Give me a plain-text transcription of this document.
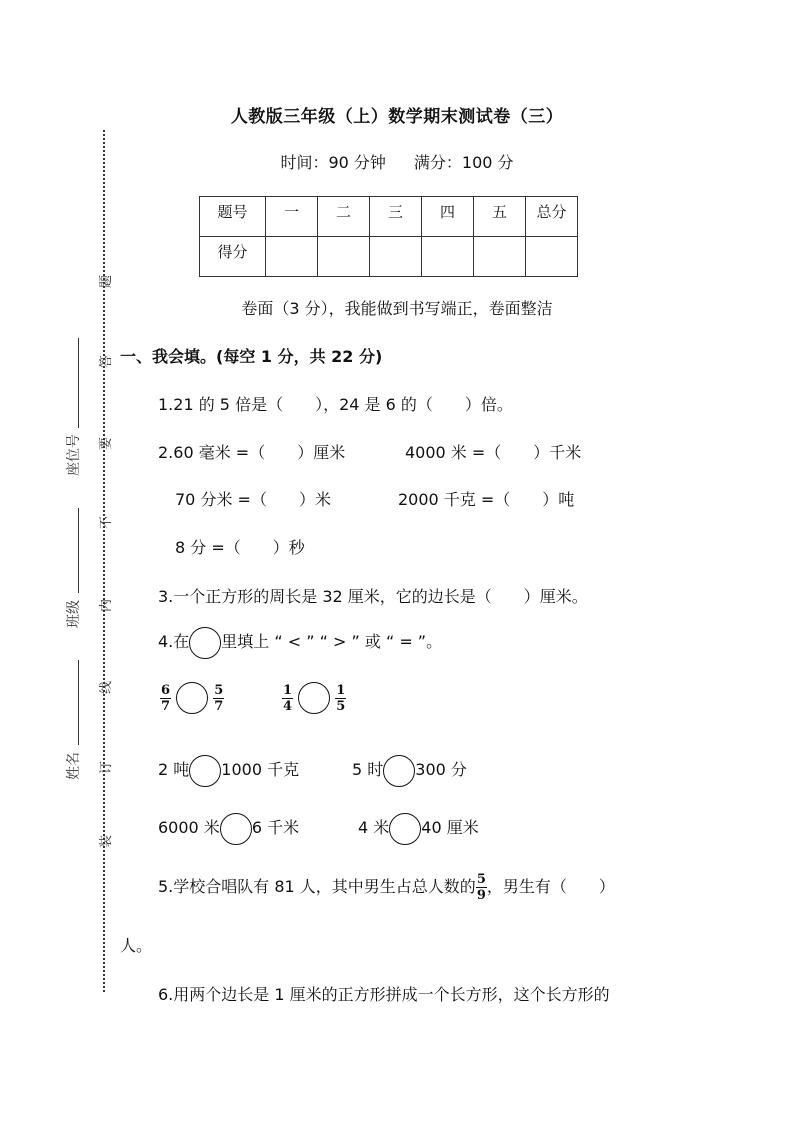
题
答
要
不
内
线
订
装
座位号
班级
姓名
人教版三年级（上）数学期末测试卷（三）
时间：90 分钟 满分：100 分
题号	一	二	三	四	五	总分
得分						
卷面（3 分），我能做到书写端正，卷面整洁
一、我会填。(每空 1 分，共 22 分)
1.21 的 5 倍是（　　），24 是 6 的（　　）倍。
2.60 毫米 =（　　）厘米	4000 米 =（　　）千米
70 分米 =（　　）米	2000 千克 =（　　）吨
8 分 =（　　）秒
3.一个正方形的周长是 32 厘米，它的边长是（　　）厘米。
4.在 里填上 “ < ” “ > ” 或 “ = ”。
$\frac{6}{7}$
	$\frac{5}{7}$	$\frac{1}{4}$
	$\frac{1}{5}$
2 吨 1000 千克	5 时 300 分
6000 米 6 千米	4 米 40 厘米
5.学校合唱队有 81 人，其中男生占总人数的 $\frac{5}{9}$ ，男生有（　　）
人。
6.用两个边长是 1 厘米的正方形拼成一个长方形，这个长方形的
